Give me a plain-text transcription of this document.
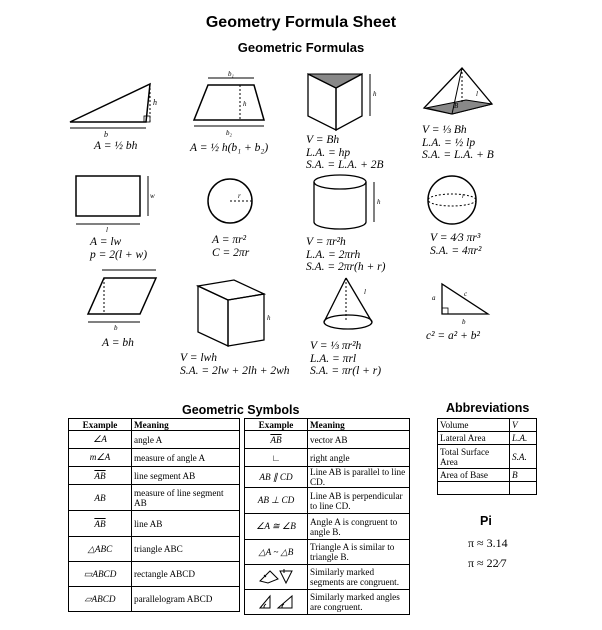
Geometry Formula Sheet
Geometric Formulas
b
h
b₁
h
b₂
h
B
l
A = ½ bh	A = ½ h(b₁ + b₂)
V = Bh
L.A. = hp
S.A. = L.A. + 2B
V = ⅓ Bh
L.A. = ½ lp
S.A. = L.A. + B
w
l
r
h
r
A = lw
p = 2(l + w)
A = πr²
C = 2πr
V = πr²h
L.A. = 2πrh
S.A. = 2πr(h + r)
V = 4⁄3 πr³
S.A. = 4πr²
b
h
l
a	c
b
A = bh
V = lwh
S.A. = 2lw + 2lh + 2wh
V = ⅓ πr²h
L.A. = πrl
S.A. = πr(l + r)
c² = a² + b²
Geometric Symbols
Example	Meaning
∠A	angle A
m∠A	measure of angle A
$\overline{AB}$	line segment AB
AB	measure of line segment AB
$\overline{AB}$	line AB
△ABC	triangle ABC
▭ABCD	rectangle ABCD
▱ABCD	parallelogram ABCD
Example	Meaning
$\overline{AB}$	vector AB
∟	right angle
AB ∥ CD	Line AB is parallel to line CD.
AB ⊥ CD	Line AB is perpendicular to line CD.
∠A ≅ ∠B	Angle A is congruent to angle B.
△A ~ △B	Triangle A is similar to triangle B.
	Similarly marked segments are congruent.
	Similarly marked angles are congruent.
Abbreviations
Volume	V
Lateral Area	L.A.
Total Surface Area	S.A.
Area of Base	B

Pi
π ≈ 3.14
π ≈ 22⁄7
